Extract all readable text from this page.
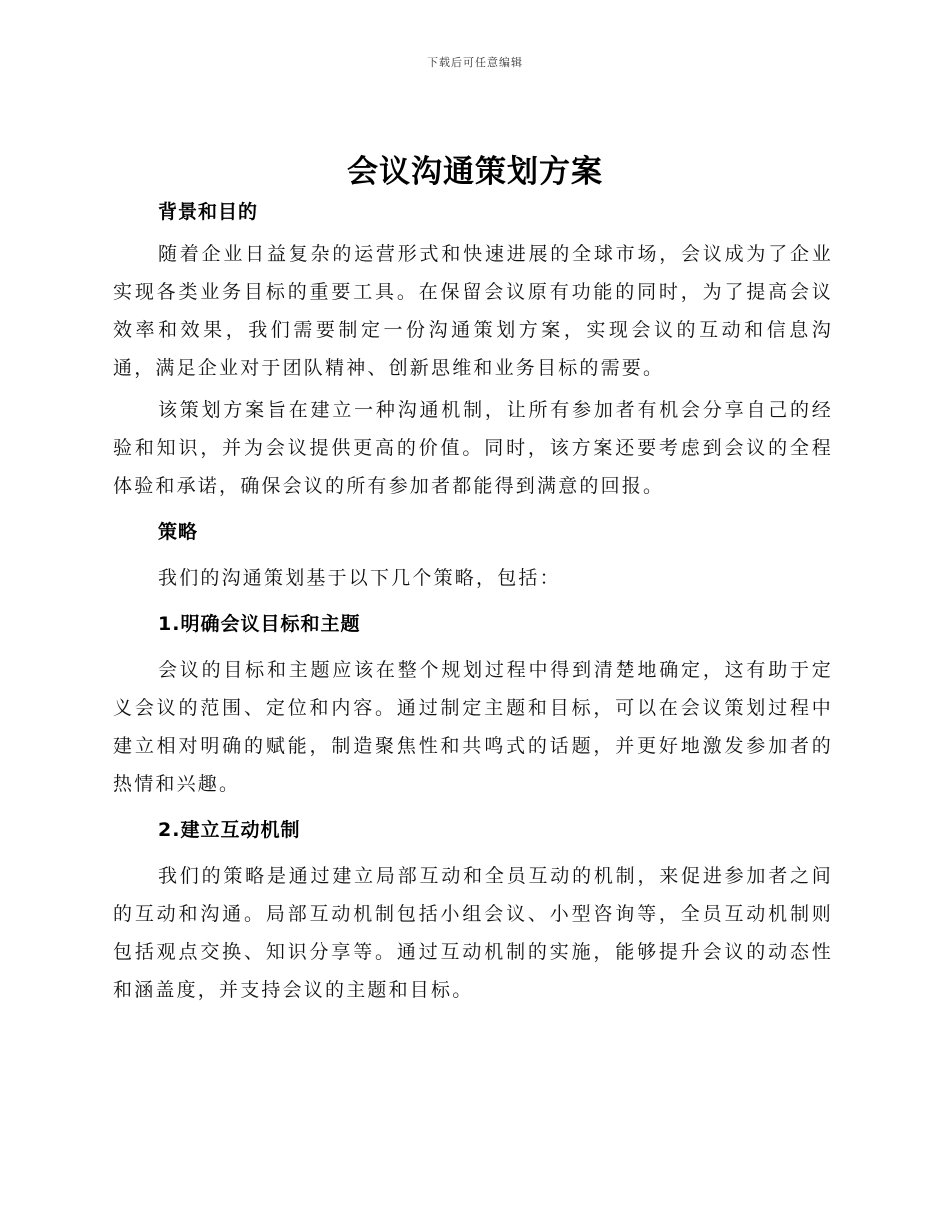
下载后可任意编辑
会议沟通策划方案

背景和目的

随着企业日益复杂的运营形式和快速进展的全球市场，会议成为了企业实现各类业务目标的重要工具。在保留会议原有功能的同时，为了提高会议效率和效果，我们需要制定一份沟通策划方案，实现会议的互动和信息沟通，满足企业对于团队精神、创新思维和业务目标的需要。

该策划方案旨在建立一种沟通机制，让所有参加者有机会分享自己的经验和知识，并为会议提供更高的价值。同时，该方案还要考虑到会议的全程体验和承诺，确保会议的所有参加者都能得到满意的回报。

策略

我们的沟通策划基于以下几个策略，包括：

1.明确会议目标和主题

会议的目标和主题应该在整个规划过程中得到清楚地确定，这有助于定义会议的范围、定位和内容。通过制定主题和目标，可以在会议策划过程中建立相对明确的赋能，制造聚焦性和共鸣式的话题，并更好地激发参加者的热情和兴趣。

2.建立互动机制

我们的策略是通过建立局部互动和全员互动的机制，来促进参加者之间的互动和沟通。局部互动机制包括小组会议、小型咨询等，全员互动机制则包括观点交换、知识分享等。通过互动机制的实施，能够提升会议的动态性和涵盖度，并支持会议的主题和目标。
